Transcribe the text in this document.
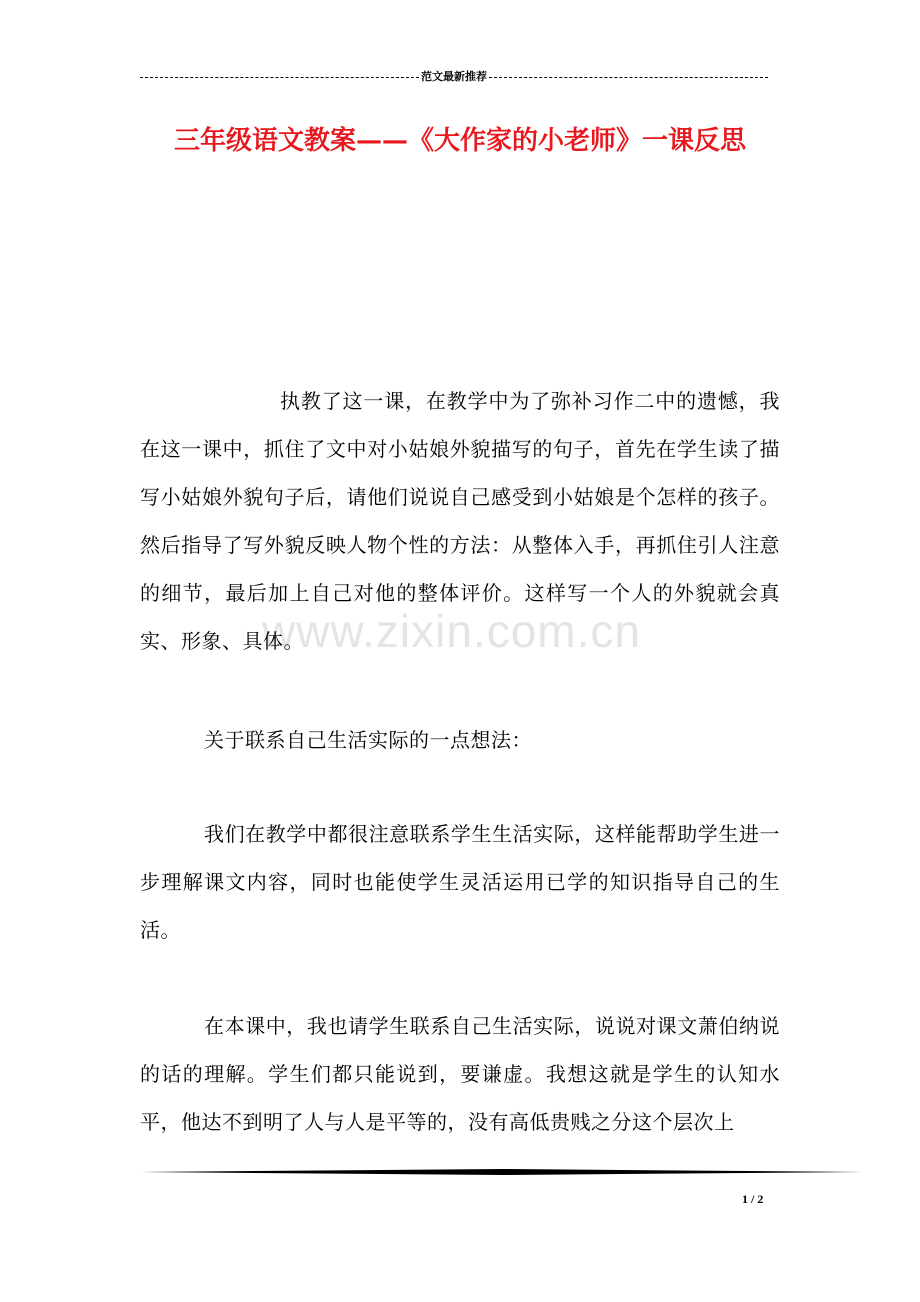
范文最新推荐
三年级语文教案——《大作家的小老师》一课反思
www.zixin.com.cn
执教了这一课，在教学中为了弥补习作二中的遗憾，我在这一课中，抓住了文中对小姑娘外貌描写的句子，首先在学生读了描写小姑娘外貌句子后，请他们说说自己感受到小姑娘是个怎样的孩子。然后指导了写外貌反映人物个性的方法：从整体入手，再抓住引人注意的细节，最后加上自己对他的整体评价。这样写一个人的外貌就会真实、形象、具体。
关于联系自己生活实际的一点想法：
我们在教学中都很注意联系学生生活实际，这样能帮助学生进一步理解课文内容，同时也能使学生灵活运用已学的知识指导自己的生活。
在本课中，我也请学生联系自己生活实际，说说对课文萧伯纳说的话的理解。学生们都只能说到，要谦虚。我想这就是学生的认知水平，他达不到明了人与人是平等的，没有高低贵贱之分这个层次上
1 / 2
